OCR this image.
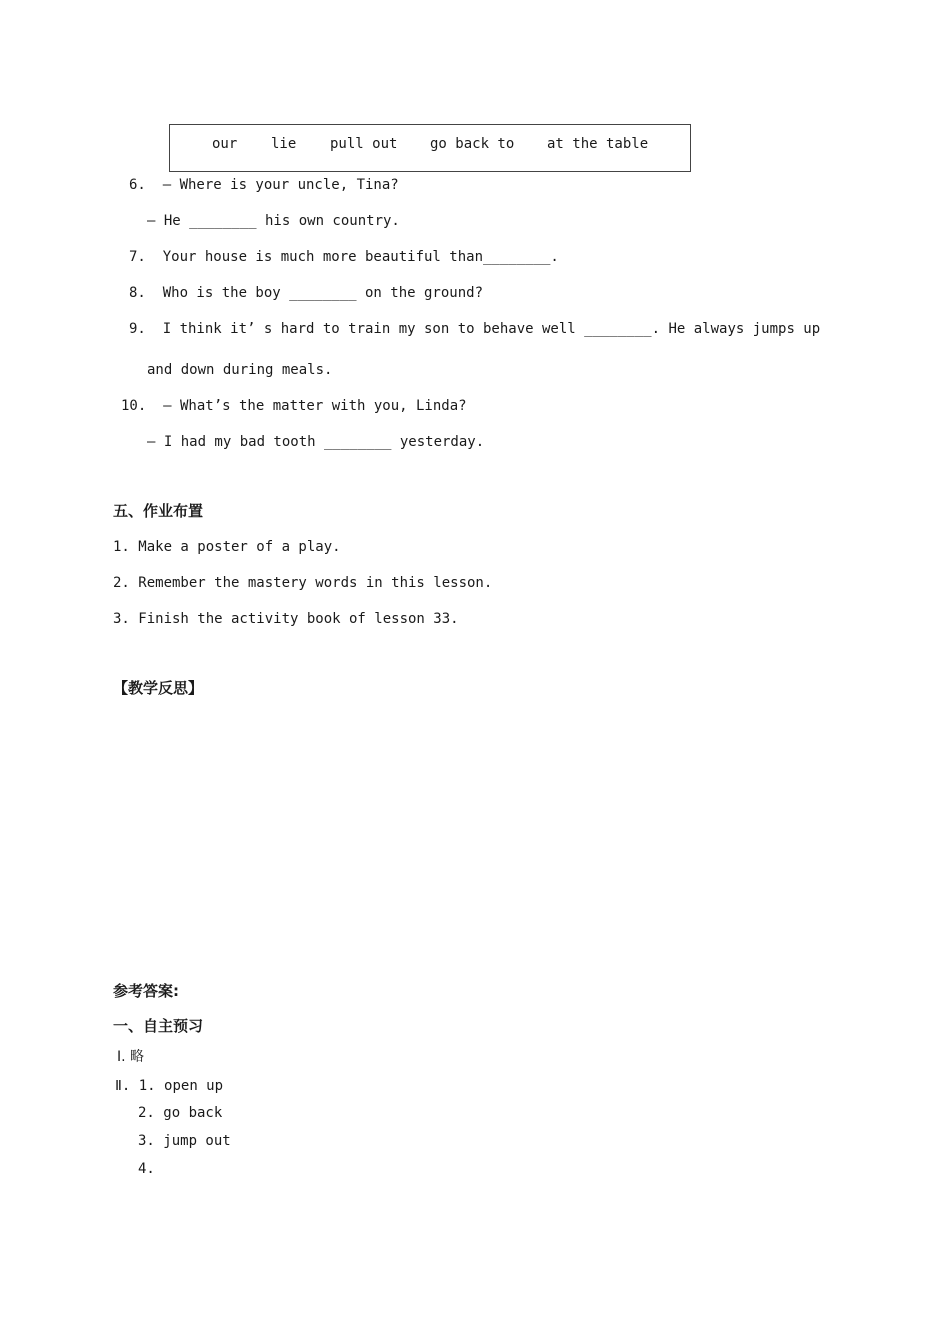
our lie pull out go back to at the table
6.  — Where is your uncle, Tina?
— He ________ his own country.
7.  Your house is much more beautiful than________.
8.  Who is the boy ________ on the ground?
9.  I think it’ s hard to train my son to behave well ________. He always jumps up
and down during meals.
10.  — What’s the matter with you, Linda?
— I had my bad tooth ________ yesterday.
五、作业布置
1. Make a poster of a play.
2. Remember the mastery words in this lesson.
3. Finish the activity book of lesson 33.
【教学反思】
参考答案:
一、自主预习
Ⅰ. 略
Ⅱ. 1. open up
2. go back
3. jump out
4.
